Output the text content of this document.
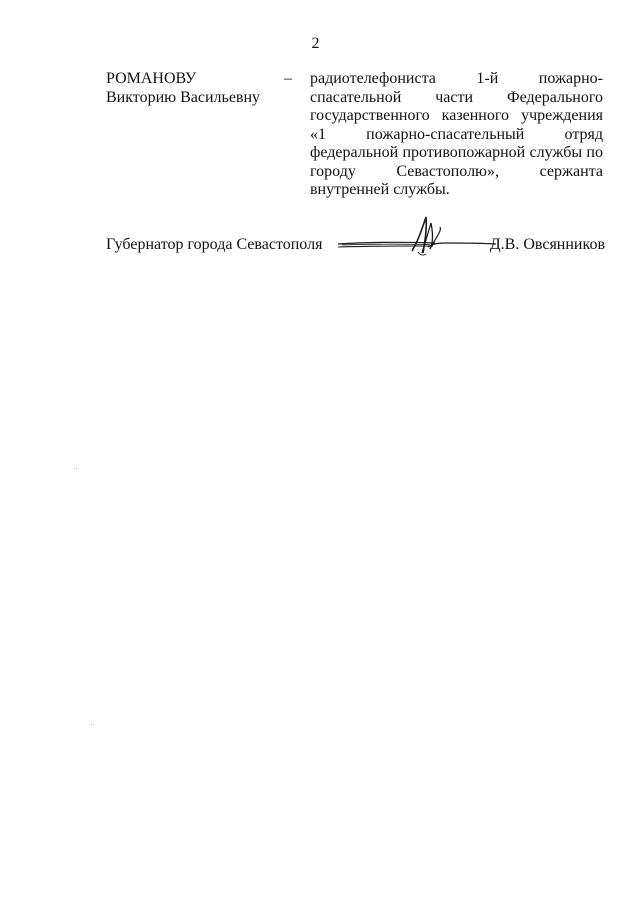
2
РОМАНОВУ
Викторию Васильевну
– радиотелефониста 1-й пожарно-спасательной части Федерального государственного казенного учреждения «1 пожарно-спасательный отряд федеральной противопожарной службы по городу Севастополю», сержанта внутренней службы.
Губернатор города Севастополя	Д.В. Овсянников
